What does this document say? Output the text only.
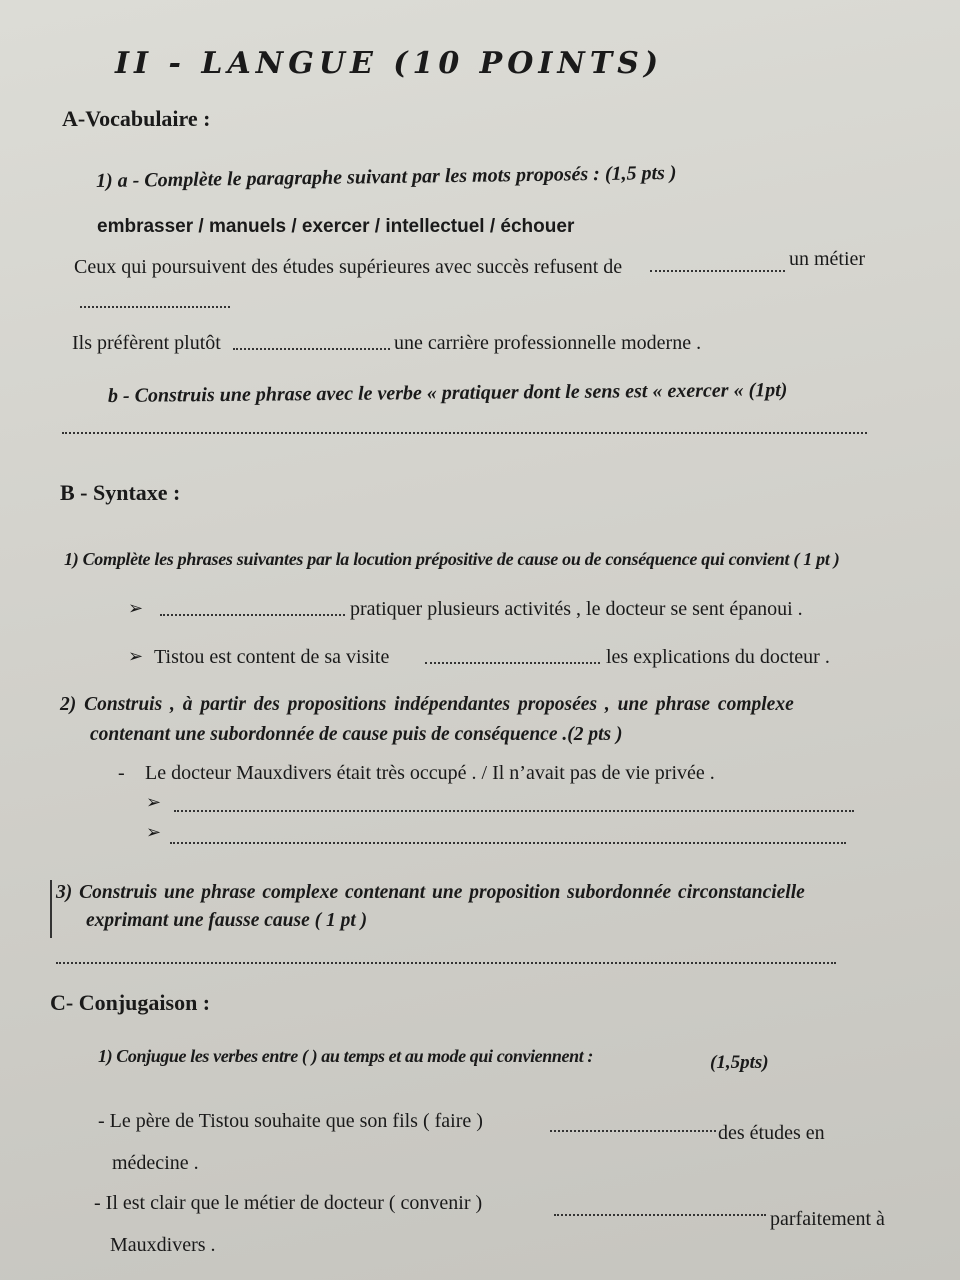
II - LANGUE (10 POINTS)
A-Vocabulaire :
1) a - Complète le paragraphe suivant par les mots proposés : (1,5 pts )
embrasser / manuels / exercer / intellectuel / échouer
Ceux qui poursuivent des études supérieures avec succès refusent de	un métier
Ils préfèrent plutôt	une carrière professionnelle moderne .
b - Construis une phrase avec le verbe « pratiquer dont le sens est « exercer « (1pt)
B - Syntaxe :
1) Complète les phrases suivantes par la locution prépositive de cause ou de conséquence qui convient ( 1 pt )
➢	pratiquer plusieurs activités , le docteur se sent épanoui .
➢ Tistou est content de sa visite	les explications du docteur .
2) Construis , à partir des propositions indépendantes proposées , une phrase complexe
contenant une subordonnée de cause puis de conséquence .(2 pts )
- Le docteur Mauxdivers était très occupé . / Il n’avait pas de vie privée .
➢
➢
3) Construis une phrase complexe contenant une proposition subordonnée circonstancielle
exprimant une fausse cause ( 1 pt )
C- Conjugaison :
1) Conjugue les verbes entre ( ) au temps et au mode qui conviennent :	(1,5pts)
- Le père de Tistou souhaite que son fils ( faire )
des études en
médecine .
- Il est clair que le métier de docteur ( convenir )
parfaitement à
Mauxdivers .
